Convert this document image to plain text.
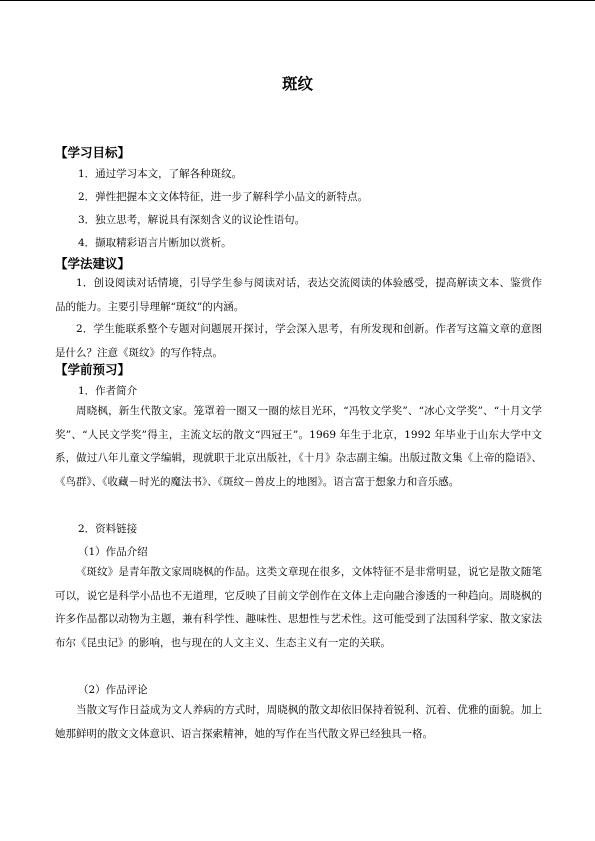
斑纹
【学习目标】
1．通过学习本文，了解各种斑纹。
2．弹性把握本文文体特征，进一步了解科学小品文的新特点。
3．独立思考，解说具有深刻含义的议论性语句。
4．撷取精彩语言片断加以赏析。
【学法建议】

1．创设阅读对话情境，引导学生参与阅读对话，表达交流阅读的体验感受，提高解读文本、鉴赏作品的能力。主要引导理解“斑纹”的内涵。

2．学生能联系整个专题对问题展开探讨，学会深入思考，有所发现和创新。作者写这篇文章的意图是什么？注意《斑纹》的写作特点。

【学前预习】
1．作者简介

周晓枫，新生代散文家。笼罩着一圈又一圈的炫目光环，“冯牧文学奖”、“冰心文学奖”、“十月文学奖”、“人民文学奖”得主，主流文坛的散文“四冠王”。1969 年生于北京，1992 年毕业于山东大学中文系，做过八年儿童文学编辑，现就职于北京出版社，《十月》杂志副主编。出版过散文集《上帝的隐语》、《鸟群》、《收藏－时光的魔法书》、《斑纹－兽皮上的地图》。语言富于想象力和音乐感。

2．资料链接
（1）作品介绍

《斑纹》是青年散文家周晓枫的作品。这类文章现在很多，文体特征不是非常明显，说它是散文随笔可以，说它是科学小品也不无道理，它反映了目前文学创作在文体上走向融合渗透的一种趋向。周晓枫的许多作品都以动物为主题，兼有科学性、趣味性、思想性与艺术性。这可能受到了法国科学家、散文家法布尔《昆虫记》的影响，也与现在的人文主义、生态主义有一定的关联。

（2）作品评论

当散文写作日益成为文人养病的方式时，周晓枫的散文却依旧保持着锐利、沉着、优雅的面貌。加上她那鲜明的散文文体意识、语言探索精神，她的写作在当代散文界已经独具一格。
